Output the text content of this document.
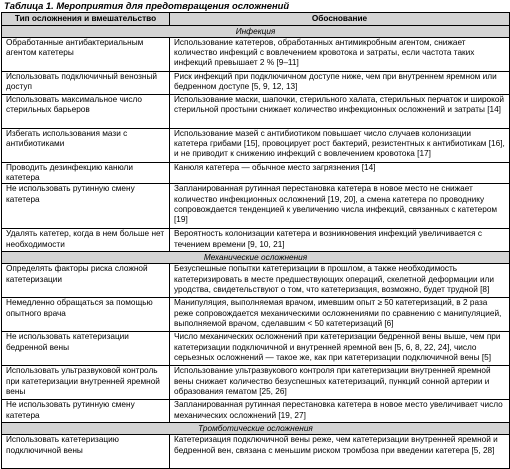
Таблица 1. Мероприятия для предотвращения осложнений
Тип осложнения и вмешательство	Обоснование
Инфекция	
Обработанные антибактериальным агентом катетеры	Использование катетеров, обработанных антимикробным агентом, снижает количество инфекций с вовлечением кровотока и затраты, если частота таких инфекций превышает 2 % [9–11]
Использовать подключичный венозный доступ	Риск инфекций при подключичном доступе ниже, чем при внутреннем яремном или бедренном доступе [5, 9, 12, 13]
Использовать максимальное число стерильных барьеров	Использование маски, шапочки, стерильного халата, стерильных перчаток и широкой стерильной простыни снижает количество инфекционных осложнений и затраты [14]
Избегать использования мази с антибиотиками	Использование мазей с антибиотиком повышает число случаев колонизации катетера грибами [15], провоцирует рост бактерий, резистентных к антибиотикам [16], и не приводит к снижению инфекций с вовлечением кровотока [17]
Проводить дезинфекцию канюли катетера	Канюля катетера — обычное место загрязнения [14]
Не использовать рутинную смену катетера	Запланированная рутинная перестановка катетера в новое место не снижает количество инфекционных осложнений [19, 20], а смена катетера по проводнику сопровождается тенденцией к увеличению числа инфекций, связанных с катетером [19]
Удалять катетер, когда в нем больше нет необходимости	Вероятность колонизации катетера и возникновения инфекций увеличивается с течением времени [9, 10, 21]
Механические осложнения	
Определять факторы риска сложной катетеризации	Безуспешные попытки катетеризации в прошлом, а также необходимость катетеризировать в месте предшествующих операций, скелетной деформации или уродства, свидетельствуют о том, что катетеризация, возможно, будет трудной [8]
Немедленно обращаться за помощью опытного врача	Манипуляция, выполняемая врачом, имевшим опыт ≥ 50 катетеризаций, в 2 раза реже сопровождается механическими осложнениями по сравнению с манипуляцией, выполняемой врачом, сделавшим < 50 катетеризаций [6]
Не использовать катетеризации бедренной вены	Число механических осложнений при катетеризации бедренной вены выше, чем при катетеризации подключичной и внутренней яремной вен [5, 6, 8, 22, 24], число серьезных осложнений — такое же, как при катетеризации подключичной вены [5]
Использовать ультразвуковой контроль при катетеризации внутренней яремной вены	Использование ультразвукового контроля при катетеризации внутренней яремной вены снижает количество безуспешных катетеризаций, пункций сонной артерии и образования гематом [25, 26]
Не использовать рутинную смену катетера	Запланированная рутинная перестановка катетера в новое место увеличивает число механических осложнений [19, 27]
Тромботические осложнения	
Использовать катетеризацию подключичной вены	Катетеризация подключичной вены реже, чем катетеризации внутренней яремной и бедренной вен, связана с меньшим риском тромбоза при введении катетера [5, 28]
